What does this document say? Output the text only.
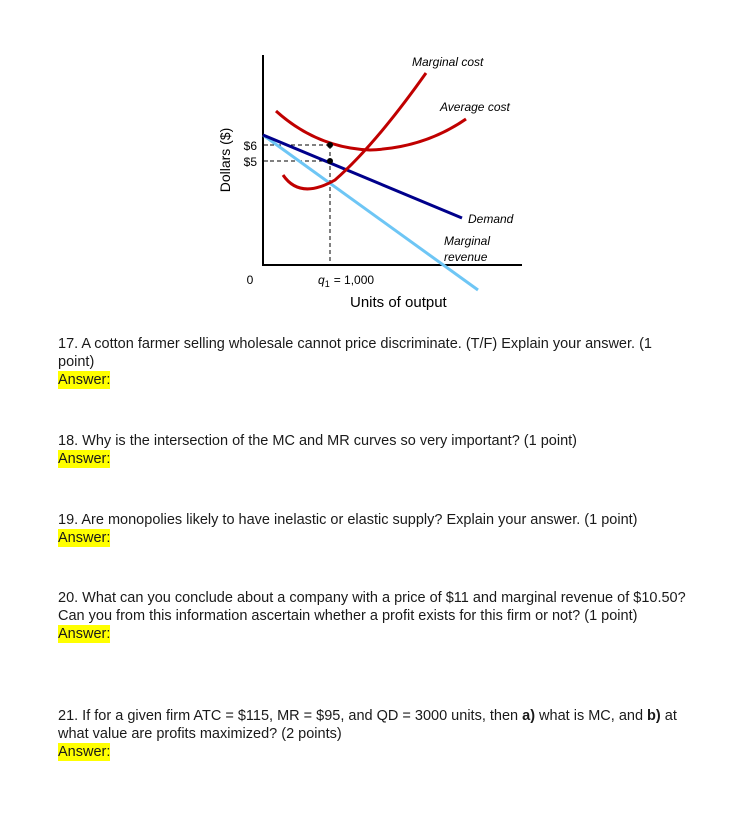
Dollars ($) $6
$5
0
Marginal cost
Average cost
Demand
Marginal
revenue
$q_1 = 1,000$
Units of output
17. A cotton farmer selling wholesale cannot price discriminate. (T/F) Explain your answer. (1 point)
Answer:
18. Why is the intersection of the MC and MR curves so very important? (1 point)
Answer:
19. Are monopolies likely to have inelastic or elastic supply? Explain your answer. (1 point)
Answer:
20. What can you conclude about a company with a price of $11 and marginal revenue of $10.50? Can you from this information ascertain whether a profit exists for this firm or not? (1 point)
Answer:
21. If for a given firm ATC = $115, MR = $95, and QD = 3000 units, then a) what is MC, and b) at what value are profits maximized? (2 points)
Answer:
